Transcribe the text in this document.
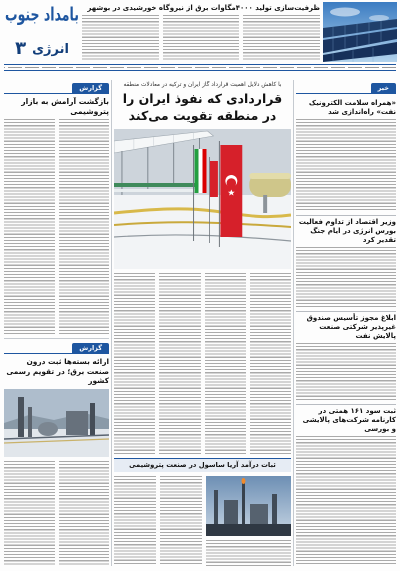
بامداد جنوب
انرژی
۳
ظرفیت‌سازی تولید ۴۰۰۰مگاوات برق از نیروگاه خورشیدی در بوشهر
گزارش
بازگشت آرامش به بازار پتروشیمی
گزارش
ارائه بسته‌ها ثبت درون صنعت برق؛ در تقویم رسمی کشور
با کاهش دلایل اهمیت قرارداد گاز ایران و ترکیه در معادلات منطقه
قراردادی که نفوذ ایران را در منطقه تقویت می‌کند
ثبات درآمد آریا ساسول در صنعت پتروشیمی
خبر
«همراه سلامت الکترونیک نفت» راه‌اندازی شد
وزیر اقتصاد از تداوم فعالیت بورس انرژی در ایام جنگ تقدیر کرد
ابلاغ مجوز تأسیس صندوق غیرپذیر شرکتی صنعت پالایش نفت
ثبت سود ۱۶۱ همتی در کارنامه شرکت‌های پالایشی و بورسی
